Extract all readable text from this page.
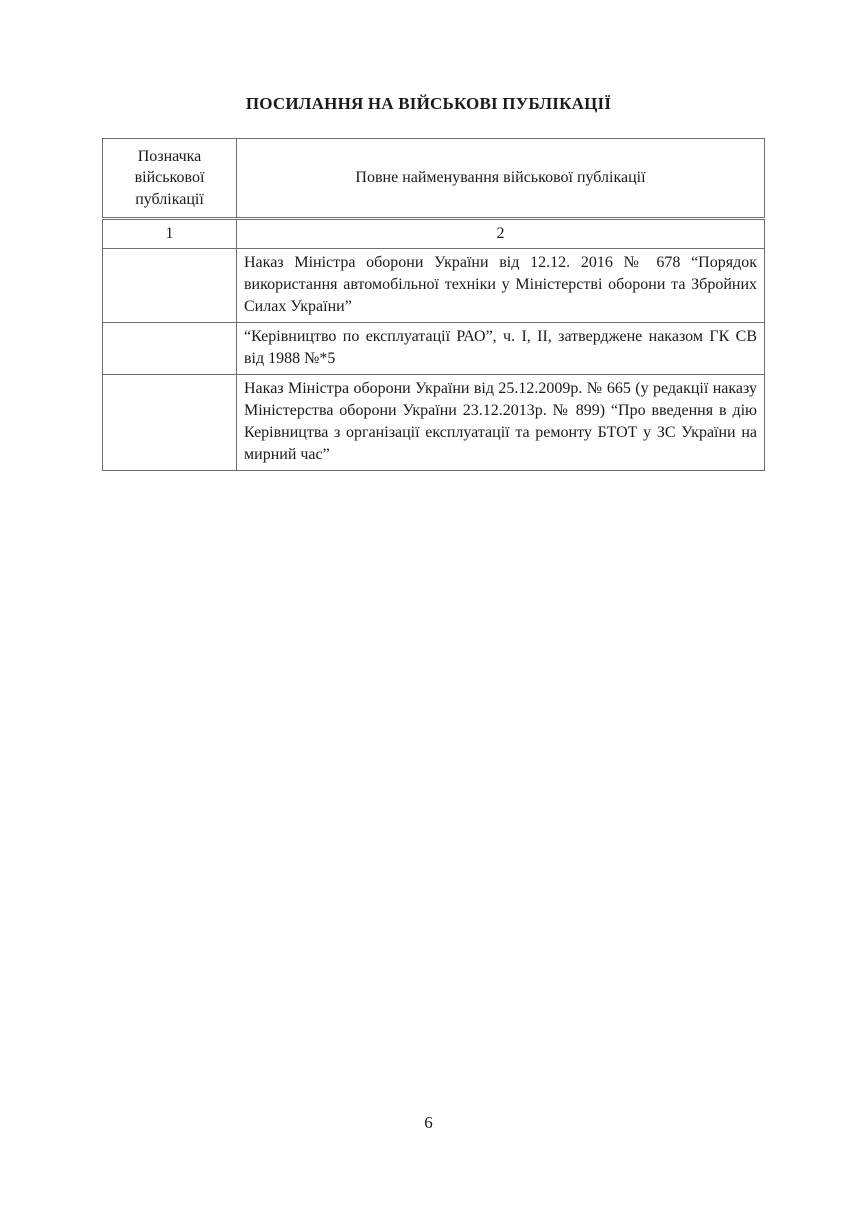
ПОСИЛАННЯ НА ВІЙСЬКОВІ ПУБЛІКАЦІЇ
Позначка військової публікації	Повне найменування військової публікації
1	2
	Наказ Міністра оборони України від 12.12. 2016 № 678 “Порядок використання автомобільної техніки у Міністерстві оборони та Збройних Силах України”
	“Керівництво по експлуатації РАО”, ч. І, ІІ, затверджене наказом ГК СВ від 1988 №*5
	Наказ Міністра оборони України від 25.12.2009р. № 665 (у редакції наказу Міністерства оборони України 23.12.2013р. № 899) “Про введення в дію Керівництва з організації експлуатації та ремонту БТОТ у ЗС України на мирний час”
6
